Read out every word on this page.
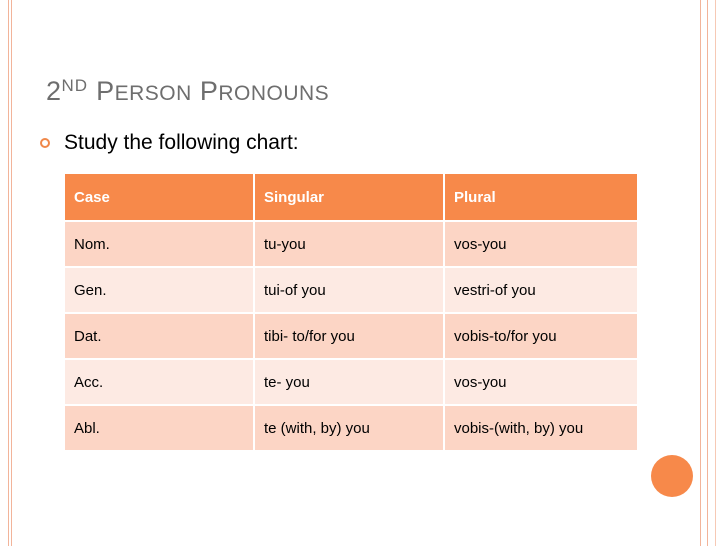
2ND PERSON PRONOUNS
Study the following chart:
Case	Singular	Plural
Nom.	tu-you	vos-you
Gen.	tui-of you	vestri-of you
Dat.	tibi- to/for you	vobis-to/for you
Acc.	te- you	vos-you
Abl.	te (with, by) you	vobis-(with, by) you
